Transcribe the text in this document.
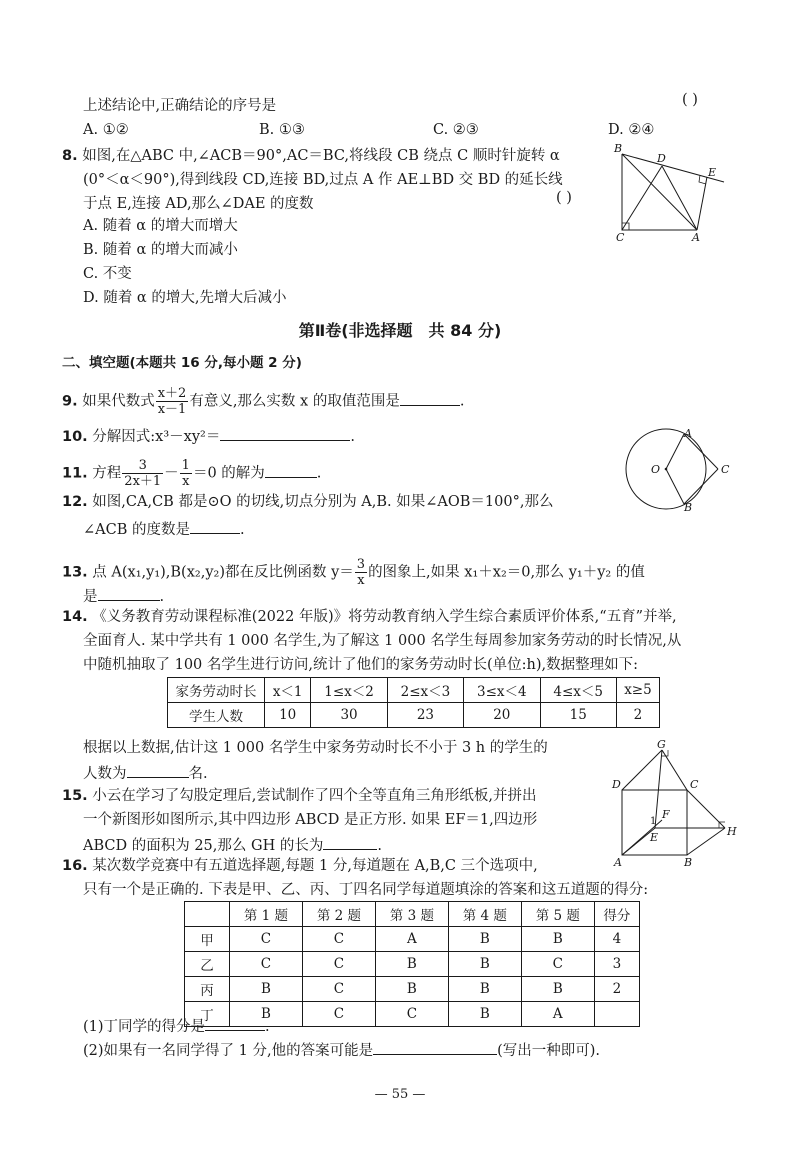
上述结论中,正确结论的序号是	( )
A. ①②	B. ①③	C. ②③	D. ②④
8. 如图,在△ABC 中,∠ACB＝90°,AC＝BC,将线段 CB 绕点 C 顺时针旋转 α
(0°＜α＜90°),得到线段 CD,连接 BD,过点 A 作 AE⊥BD 交 BD 的延长线
于点 E,连接 AD,那么∠DAE 的度数	( )
A. 随着 α 的增大而增大
B. 随着 α 的增大而减小
C. 不变
D. 随着 α 的增大,先增大后减小
B
D
E
C	A
第Ⅱ卷(非选择题　共 84 分)
二、填空题(本题共 16 分,每小题 2 分)
9. 如果代数式 $\frac{x+2}{x-1}$ 有意义,那么实数 x 的取值范围是	.
10. 分解因式:x³－xy²＝	.
11. 方程 $\frac{3}{2x+1} - \frac{1}{x} =0$ 的解为	.
12. 如图,CA,CB 都是⊙O 的切线,切点分别为 A,B. 如果∠AOB＝100°,那么
∠ACB 的度数是	.
A
O	C
B
13. 点 A(x₁,y₁),B(x₂,y₂)都在反比例函数 $y= \frac{3}{x}$ 的图象上,如果 x₁＋x₂＝0,那么 y₁＋y₂ 的值
是	.
14. 《义务教育劳动课程标准(2022 年版)》将劳动教育纳入学生综合素质评价体系,“五育”并举,
全面育人. 某中学共有 1 000 名学生,为了解这 1 000 名学生每周参加家务劳动的时长情况,从
中随机抽取了 100 名学生进行访问,统计了他们的家务劳动时长(单位:h),数据整理如下:
家务劳动时长	x＜1	1≤x＜2	2≤x＜3	3≤x＜4	4≤x＜5	x≥5
学生人数	10	30	23	20	15	2
根据以上数据,估计这 1 000 名学生中家务劳动时长不小于 3 h 的学生的
人数为	名.
15. 小云在学习了勾股定理后,尝试制作了四个全等直角三角形纸板,并拼出
一个新图形如图所示,其中四边形 ABCD 是正方形. 如果 EF＝1,四边形
ABCD 的面积为 25,那么 GH 的长为	.
G
D	C
F
1
E	H
A	B
16. 某次数学竞赛中有五道选择题,每题 1 分,每道题在 A,B,C 三个选项中,
只有一个是正确的. 下表是甲、乙、丙、丁四名同学每道题填涂的答案和这五道题的得分:
	第 1 题	第 2 题	第 3 题	第 4 题	第 5 题	得分
甲	C	C	A	B	B	4
乙	C	C	B	B	C	3
丙	B	C	B	B	B	2
丁	B	C	C	B	A	
(1)丁同学的得分是	.
(2)如果有一名同学得了 1 分,他的答案可能是	(写出一种即可).
— 55 —
